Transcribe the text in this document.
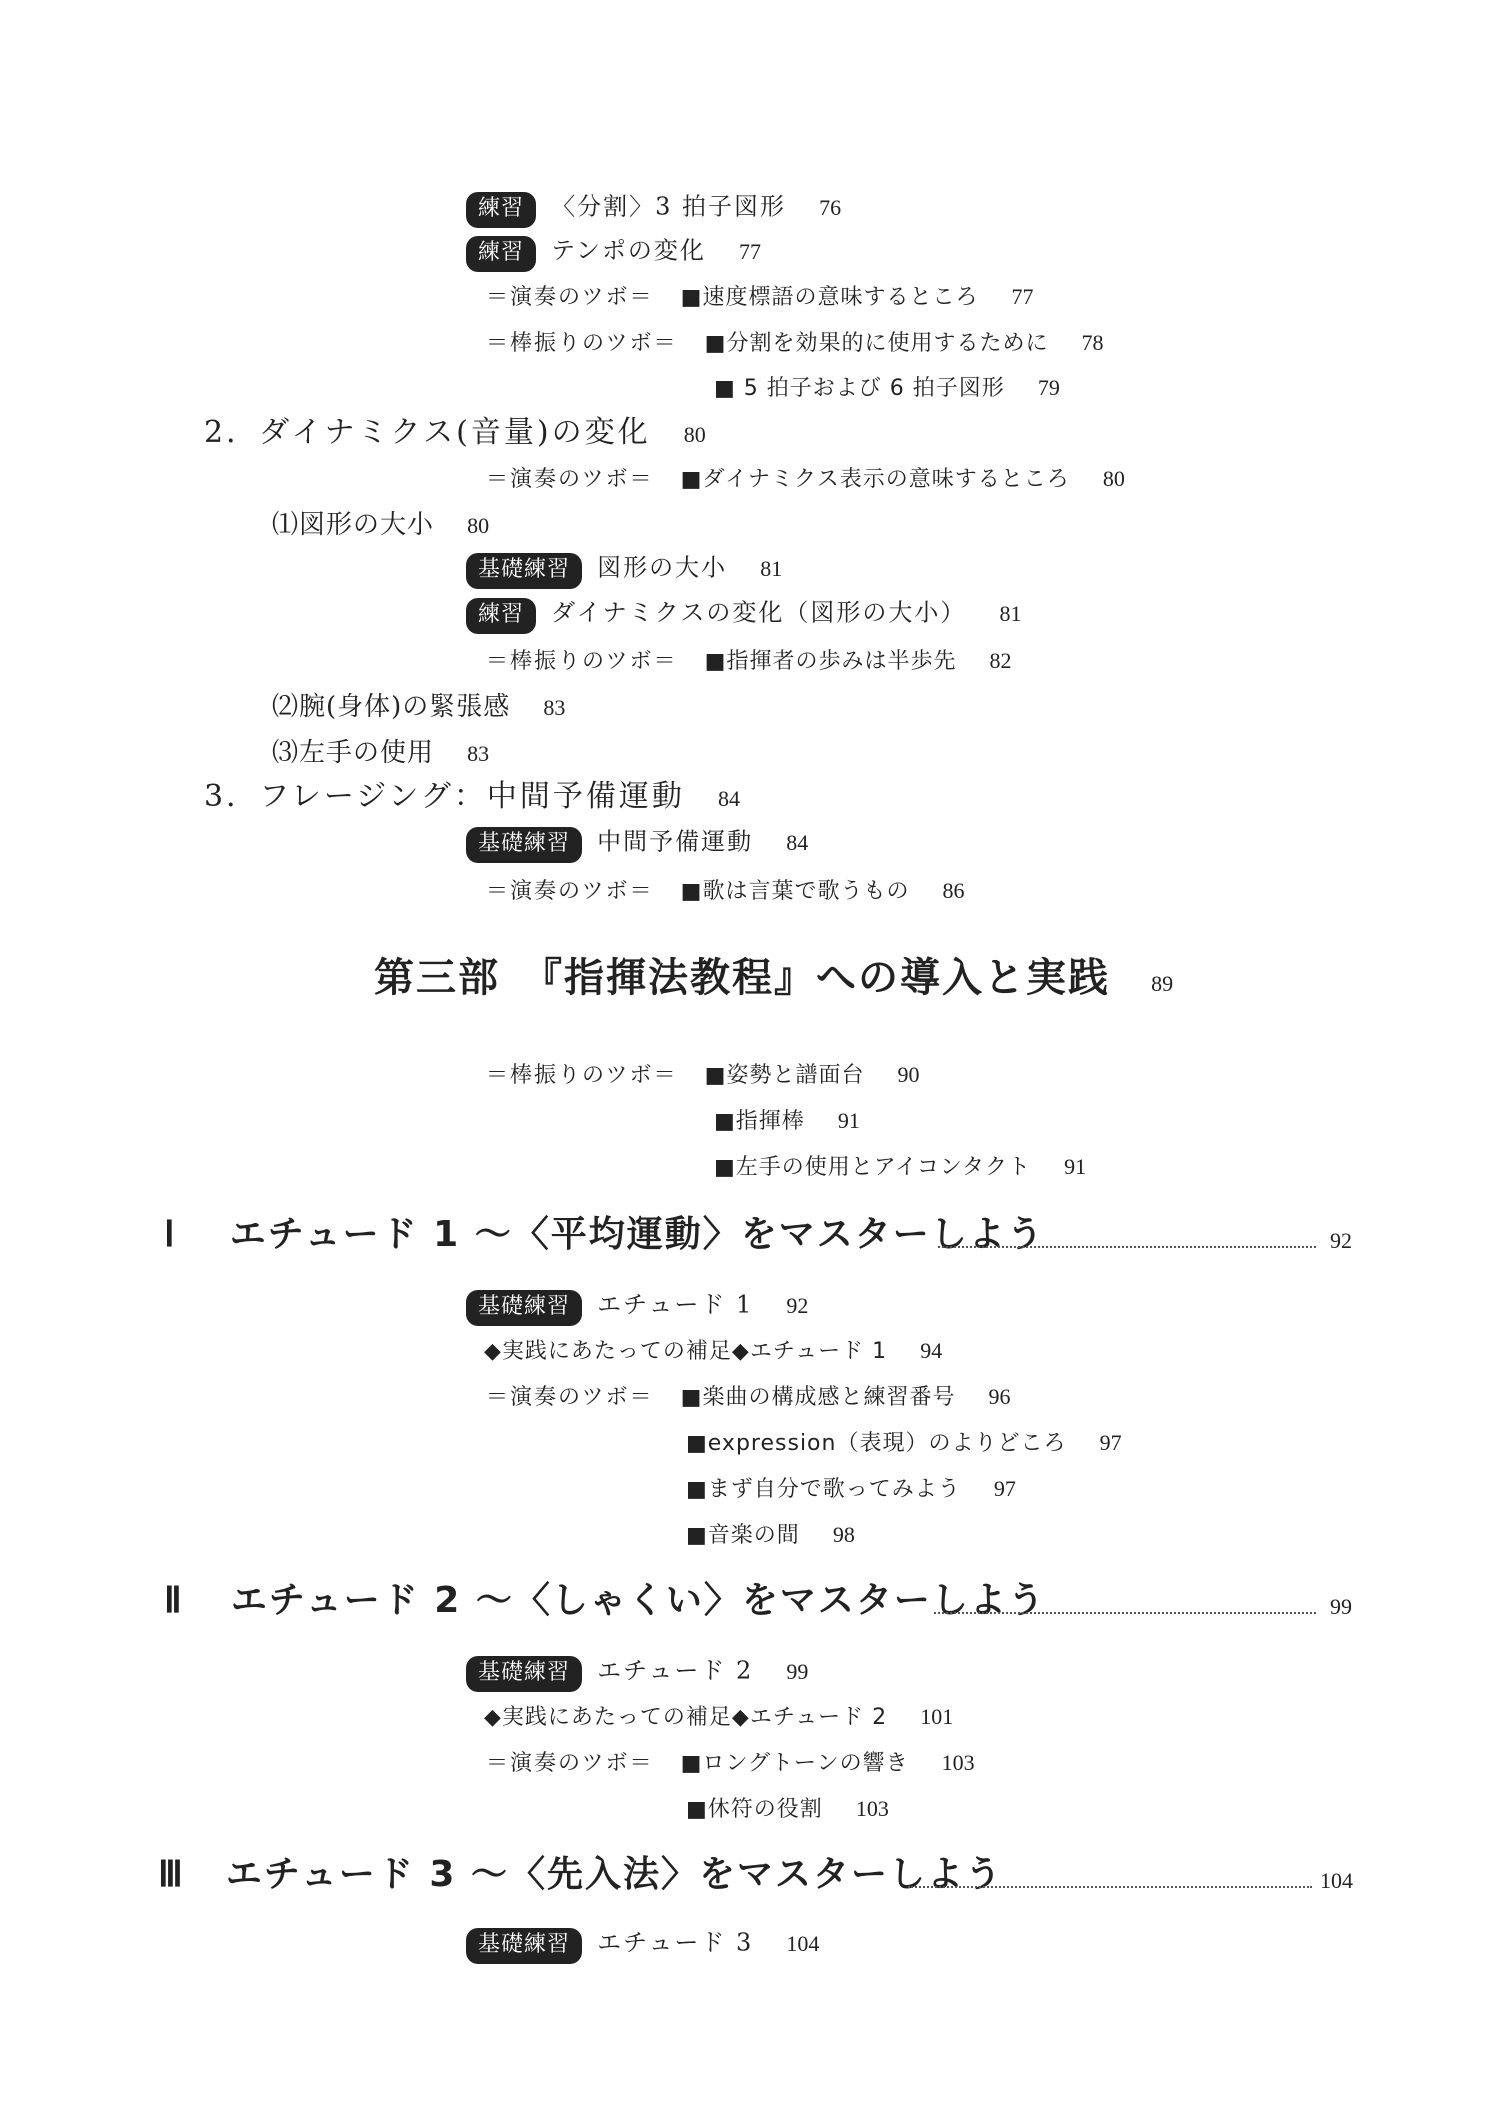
練習 〈分割〉3 拍子図形 76
練習 テンポの変化 77
＝演奏のツボ＝ ■速度標語の意味するところ 77
＝棒振りのツボ＝ ■分割を効果的に使用するために 78
■ 5 拍子および 6 拍子図形 79
2．ダイナミクス(音量)の変化 80
＝演奏のツボ＝ ■ダイナミクス表示の意味するところ 80
⑴図形の大小 80
基礎練習 図形の大小 81
練習 ダイナミクスの変化（図形の大小） 81
＝棒振りのツボ＝ ■指揮者の歩みは半歩先 82
⑵腕(身体)の緊張感 83
⑶左手の使用 83
3．フレージング：中間予備運動 84
基礎練習 中間予備運動 84
＝演奏のツボ＝ ■歌は言葉で歌うもの 86
第三部　『指揮法教程』への導入と実践 89
＝棒振りのツボ＝ ■姿勢と譜面台 90
■指揮棒 91
■左手の使用とアイコンタクト 91
Ⅰ エチュード 1 ～〈平均運動〉をマスターしよう	92
基礎練習 エチュード 1 92
◆実践にあたっての補足◆エチュード 1 94
＝演奏のツボ＝ ■楽曲の構成感と練習番号 96
■expression（表現）のよりどころ 97
■まず自分で歌ってみよう 97
■音楽の間 98
Ⅱ エチュード 2 ～〈しゃくい〉をマスターしよう	99
基礎練習 エチュード 2 99
◆実践にあたっての補足◆エチュード 2 101
＝演奏のツボ＝ ■ロングトーンの響き 103
■休符の役割 103
Ⅲ エチュード 3 ～〈先入法〉をマスターしよう	104
基礎練習 エチュード 3 104
